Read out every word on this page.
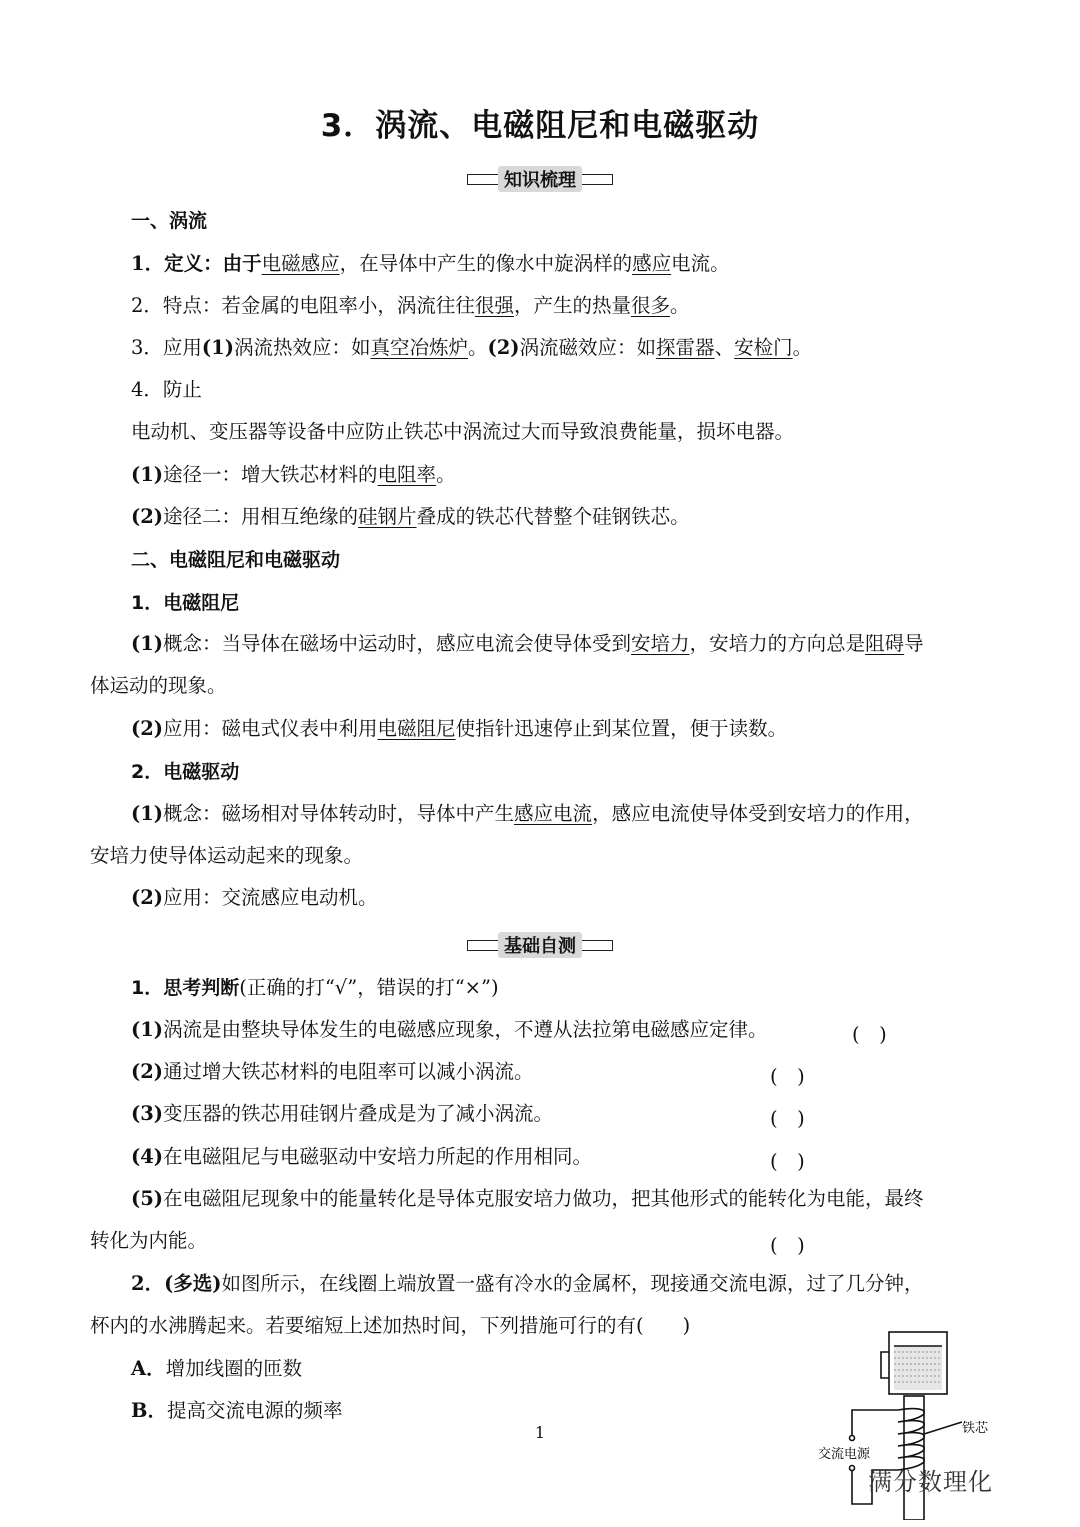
3．涡流、电磁阻尼和电磁驱动
知识梳理
一、涡流
1．定义：由于电磁感应，在导体中产生的像水中旋涡样的感应电流。
2．特点：若金属的电阻率小，涡流往往很强，产生的热量很多。
3．应用(1)涡流热效应：如真空冶炼炉。(2)涡流磁效应：如探雷器、安检门。
4．防止
电动机、变压器等设备中应防止铁芯中涡流过大而导致浪费能量，损坏电器。
(1)途径一：增大铁芯材料的电阻率。
(2)途径二：用相互绝缘的硅钢片叠成的铁芯代替整个硅钢铁芯。
二、电磁阻尼和电磁驱动
1．电磁阻尼
(1)概念：当导体在磁场中运动时，感应电流会使导体受到安培力，安培力的方向总是阻碍导
体运动的现象。
(2)应用：磁电式仪表中利用电磁阻尼使指针迅速停止到某位置，便于读数。
2．电磁驱动
(1)概念：磁场相对导体转动时，导体中产生感应电流，感应电流使导体受到安培力的作用，
安培力使导体运动起来的现象。
(2)应用：交流感应电动机。
基础自测
1．思考判断(正确的打“√”，错误的打“×”)
(1)涡流是由整块导体发生的电磁感应现象，不遵从法拉第电磁感应定律。	(　)
(2)通过增大铁芯材料的电阻率可以减小涡流。	(　)
(3)变压器的铁芯用硅钢片叠成是为了减小涡流。	(　)
(4)在电磁阻尼与电磁驱动中安培力所起的作用相同。	(　)
(5)在电磁阻尼现象中的能量转化是导体克服安培力做功，把其他形式的能转化为电能，最终
转化为内能。	(　)
2．(多选)如图所示，在线圈上端放置一盛有冷水的金属杯，现接通交流电源，过了几分钟，
杯内的水沸腾起来。若要缩短上述加热时间，下列措施可行的有(　　)
A．增加线圈的匝数
B．提高交流电源的频率
铁芯
交流电源
1
满分数理化
